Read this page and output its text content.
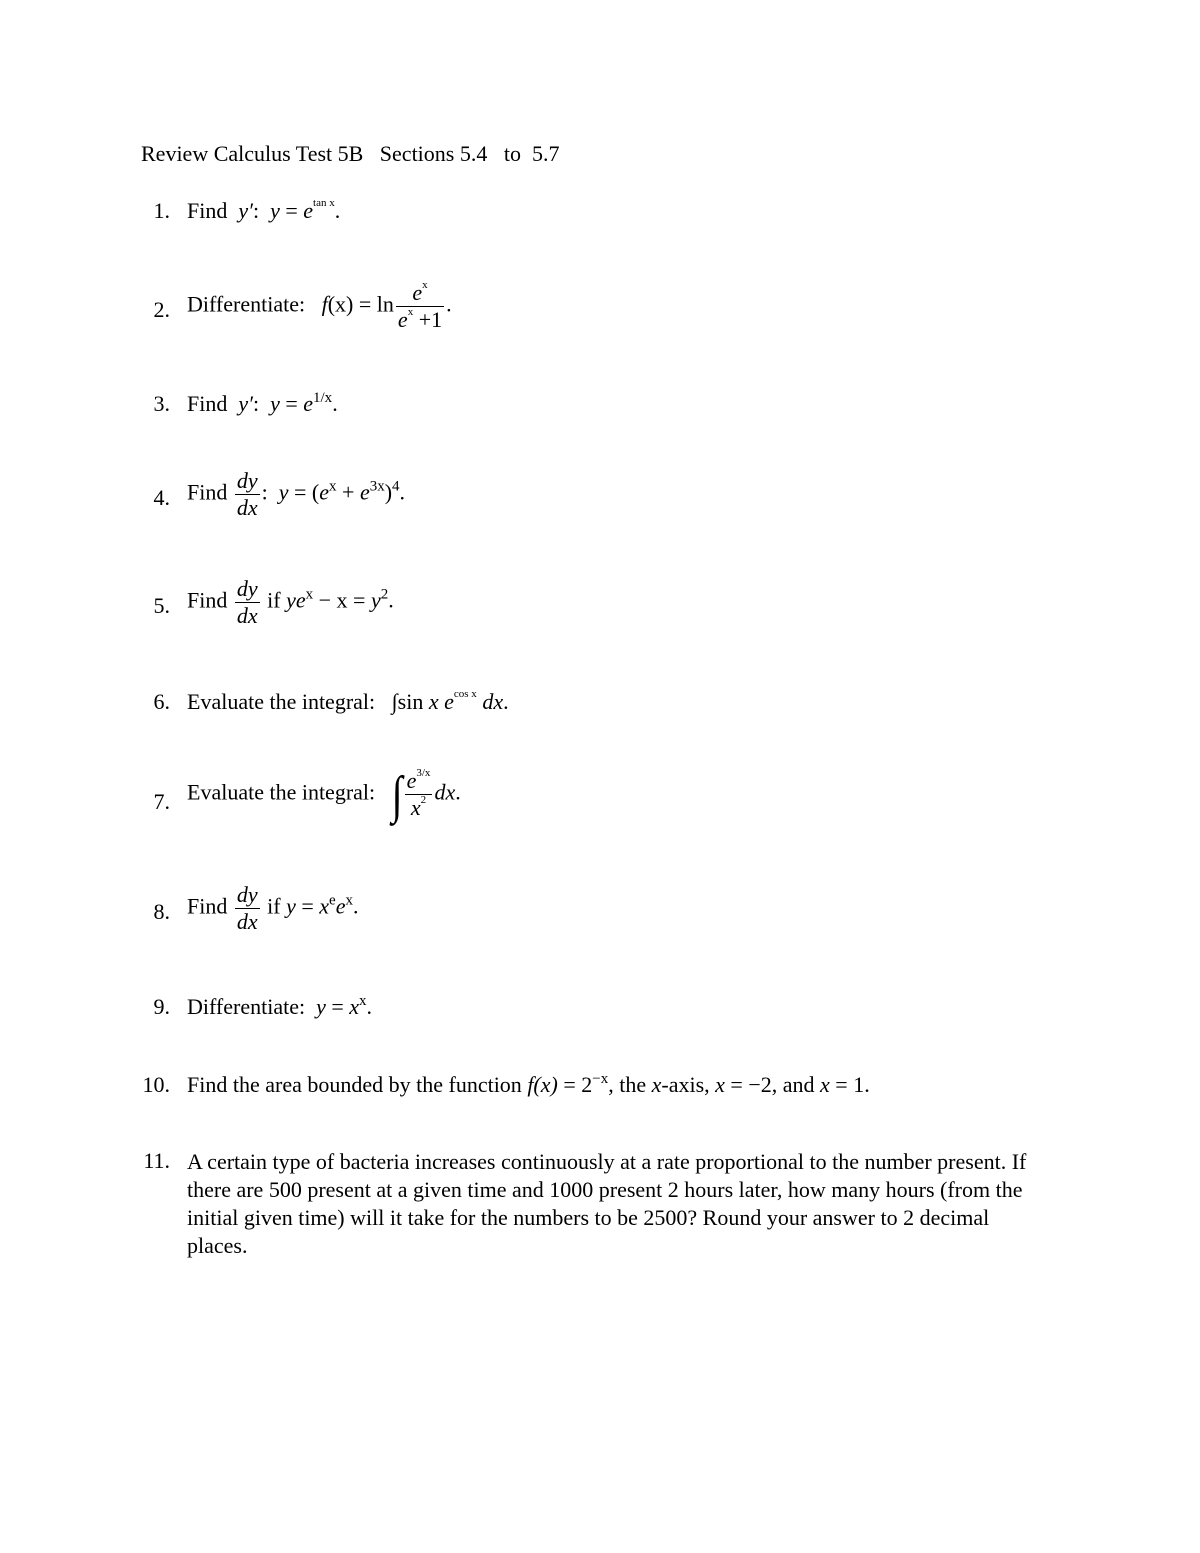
Review Calculus Test 5B   Sections 5.4   to  5.7
1. Find y′: $y = e^{tan x}$.
2. Differentiate: $f(x) = \ln \frac{e^x}{e^x +1}$ .
3. Find y′: $y = e^{1/x}$.
4. Find $\frac{dy}{dx}$ : $y = (e^x + e^{3x})^4$.
5. Find $\frac{dy}{dx}$ if $ye^x - x = y^2$.
6. Evaluate the integral: ∫sin x $e^{cos x}$ dx.
7. Evaluate the integral: ∫ $\frac{e^{3/x}}{x^2}$ dx.
8. Find $\frac{dy}{dx}$ if $y = x^ee^x$.
9. Differentiate: $y = x^x$.
10. Find the area bounded by the function $f(x) = 2^{-x}$, the x-axis, x = −2, and x = 1.
11. A certain type of bacteria increases continuously at a rate proportional to the number present. If there are 500 present at a given time and 1000 present 2 hours later, how many hours (from the initial given time) will it take for the numbers to be 2500? Round your answer to 2 decimal places.
